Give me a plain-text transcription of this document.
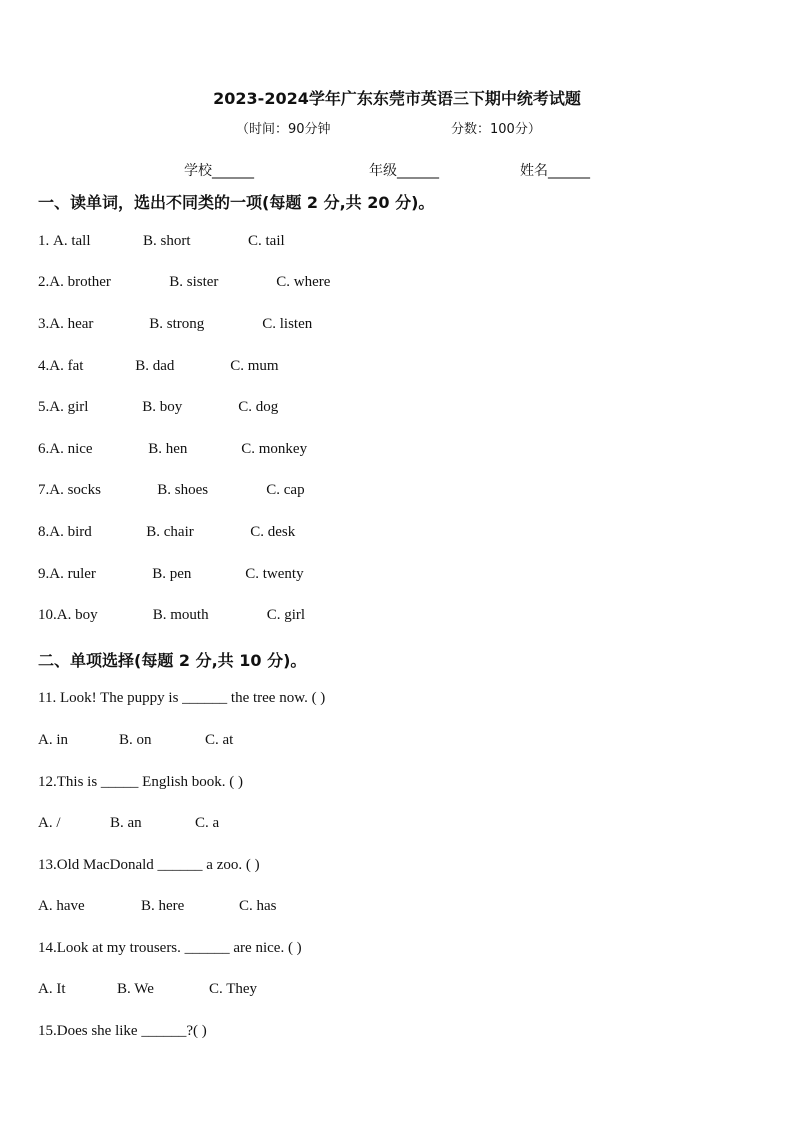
2023-2024学年广东东莞市英语三下期中统考试题
（时间：90分钟	分数：100分）
学校______	年级______	姓名______
一、读单词，选出不同类的一项(每题 2 分,共 20 分)。
1. A. tall	B. short	C. tail
2.A. brother	B. sister	C. where
3.A. hear	B. strong	C. listen
4.A. fat	B. dad	C. mum
5.A. girl	B. boy	C. dog
6.A. nice	B. hen	C. monkey
7.A. socks	B. shoes	C. cap
8.A. bird	B. chair	C. desk
9.A. ruler	B. pen	C. twenty
10.A. boy	B. mouth	C. girl
二、单项选择(每题 2 分,共 10 分)。
11. Look! The puppy is ______ the tree now. ( )
A. in	B. on	C. at
12.This is _____ English book. ( )
A. /	B. an	C. a
13.Old MacDonald ______ a zoo. ( )
A. have	B. here	C. has
14.Look at my trousers. ______ are nice. ( )
A. It	B. We	C. They
15.Does she like ______?( )
